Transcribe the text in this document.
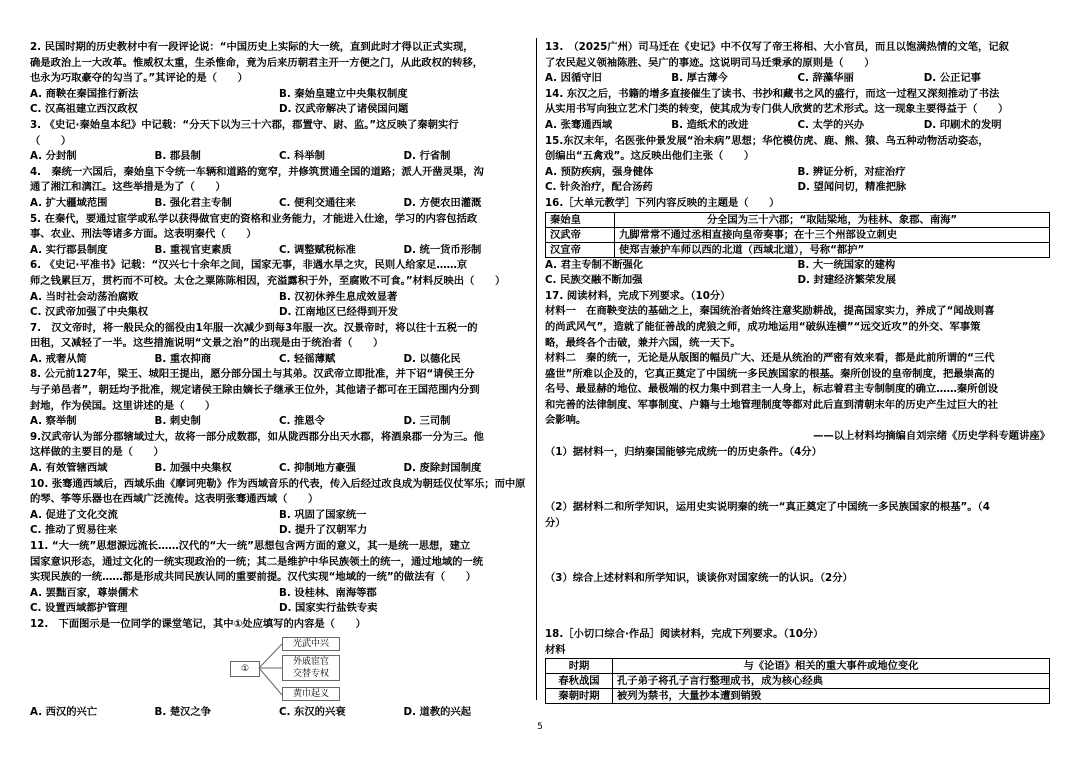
2. 民国时期的历史教材中有一段评论说：“中国历史上实际的大一统，直到此时才得以正式实现，
确是政治上一大改革。惟威权太重，生杀惟命，竟为后来历朝君主开一方便之门，从此政权的转移，
也永为巧取豪夺的勾当了。”其评论的是（　　）
A. 商鞅在秦国推行新法	B. 秦始皇建立中央集权制度
C. 汉高祖建立西汉政权	D. 汉武帝解决了诸侯国问题
3. 《史记·秦始皇本纪》中记载：“分天下以为三十六郡，郡置守、尉、监。”这反映了秦朝实行
（　　）
A. 分封制	B. 郡县制	C. 科举制	D. 行省制
4.　秦统一六国后，秦始皇下令统一车辆和道路的宽窄，并修筑贯通全国的道路；派人开凿灵渠，沟
通了湘江和漓江。这些举措是为了（　　）
A. 扩大疆域范围	B. 强化君主专制	C. 便利交通往来	D. 方便农田灌溉
5. 在秦代，要通过宦学或私学以获得做官吏的资格和业务能力，才能进入仕途，学习的内容包括政
事、农业、刑法等诸多方面。这表明秦代（　　）
A. 实行郡县制度	B. 重视官吏素质	C. 调整赋税标准	D. 统一货币形制
6. 《史记·平准书》记载：“汉兴七十余年之间，国家无事，非遇水旱之灾，民则人给家足……京
师之钱累巨万，贯朽而不可校。太仓之粟陈陈相因，充溢露积于外，至腐败不可食。”材料反映出（　　）
A. 当时社会动荡治腐败	B. 汉初休养生息成效显著
C. 汉武帝加强了中央集权	D. 江南地区已经得到开发
7.　汉文帝时，将一般民众的徭役由1年服一次减少到每3年服一次。汉景帝时，将以往十五税一的
田租，又减轻了一半。这些措施说明“文景之治”的出现是由于统治者（　　）
A. 戒奢从简	B. 重农抑商	C. 轻徭薄赋	D. 以德化民
8. 公元前127年，梁王、城阳王提出，愿分部分国土与其弟。汉武帝立即批准，并下诏“请侯王分
与子弟邑者”，朝廷均予批准，规定诸侯王除由嫡长子继承王位外，其他诸子都可在王国范围内分到
封地，作为侯国。这里讲述的是（　　）
A. 察举制	B. 刺史制	C. 推恩令	D. 三司制
9.汉武帝认为部分郡辖域过大，故将一部分成数郡，如从陇西郡分出天水郡，将酒泉郡一分为三。他
这样做的主要目的是（　　）
A. 有效管辖西域	B. 加强中央集权	C. 抑制地方豪强	D. 废除封国制度
10. 张骞通西域后，西域乐曲《摩诃兜勒》作为西域音乐的代表，传入后经过改良成为朝廷仪仗军乐；而中原
的琴、筝等乐器也在西域广泛流传。这表明张骞通西域（　　）
A. 促进了文化交流	B. 巩固了国家统一
C. 推动了贸易往来	D. 提升了汉朝军力
11. “大一统”思想源远流长……汉代的“大一统”思想包含两方面的意义，其一是统一思想，建立
国家意识形态，通过文化的一统实现政治的一统；其二是维护中华民族领土的统一，通过地域的一统
实现民族的一统……都是形成共同民族认同的重要前提。汉代实现“地域的一统”的做法有（　　）
A. 罢黜百家，尊崇儒术	B. 设桂林、南海等郡
C. 设置西域都护管理	D. 国家实行盐铁专卖
12.　下面图示是一位同学的课堂笔记，其中①处应填写的内容是（　　）
①
光武中兴
外戚宦官
交替专权
黄巾起义
A. 西汉的兴亡	B. 楚汉之争	C. 东汉的兴衰	D. 道教的兴起
13.　（2025广州）司马迁在《史记》中不仅写了帝王将相、大小官员，而且以饱满热情的文笔，记叙
了农民起义领袖陈胜、吴广的事迹。这说明司马迁秉承的原则是（　　）
A. 因循守旧	B. 厚古薄今	C. 辞藻华丽	D. 公正记事
14. 东汉之后，书籍的增多直接催生了读书、书抄和藏书之风的盛行，而这一过程又深刻推动了书法
从实用书写向独立艺术门类的转变，使其成为专门供人欣赏的艺术形式。这一现象主要得益于（　　）
A. 张骞通西域	B. 造纸术的改进	C. 太学的兴办	D. 印刷术的发明
15.东汉末年，名医张仲景发展“治未病”思想；华佗模仿虎、鹿、熊、猿、鸟五种动物活动姿态，
创编出“五禽戏”。这反映出他们主张（　　）
A. 预防疾病，强身健体	B. 辨证分析，对症治疗
C. 针灸治疗，配合汤药	D. 望闻问切，精准把脉
16.［大单元教学］下列内容反映的主题是（　　）
秦始皇	分全国为三十六郡；“取陆梁地，为桂林、象郡、南海”
汉武帝	九脚常常不通过丞相直接向皇帝奏事；在十三个州部设立刺史
汉宣帝	使郑吉兼护车师以西的北道（西域北道），号称“都护”
A. 君主专制不断强化	B. 大一统国家的建构
C. 民族交融不断加强	D. 封建经济繁荣发展
17. 阅读材料，完成下列要求。（10分）
材料一　在商鞅变法的基础之上，秦国统治者始终注意奖励耕战，提高国家实力，养成了“闻战则喜
的尚武风气”，造就了能征善战的虎狼之师，成功地运用“破纵连横”“远交近攻”的外交、军事策
略，最终各个击破，兼并六国，统一天下。
材料二　秦的统一，无论是从版图的幅员广大、还是从统治的严密有效来看，都是此前所谓的“三代
盛世”所难以企及的，它真正奠定了中国统一多民族国家的根基。秦所创设的皇帝制度，把最崇高的
名号、最显赫的地位、最极端的权力集中到君主一人身上，标志着君主专制制度的确立……秦所创设
和完善的法律制度、军事制度、户籍与土地管理制度等都对此后直到清朝末年的历史产生过巨大的社
会影响。
——以上材料均摘编自刘宗绪《历史学科专题讲座》
（1）据材料一，归纳秦国能够完成统一的历史条件。（4分）
（2）据材料二和所学知识，运用史实说明秦的统一“真正奠定了中国统一多民族国家的根基”。（4
分）
（3）综合上述材料和所学知识，谈谈你对国家统一的认识。（2分）
18.［小切口综合·作品］阅读材料，完成下列要求。（10分）
材料
时期	与《论语》相关的重大事件或地位变化
春秋战国	孔子弟子将孔子言行整理成书，成为核心经典
秦朝时期	被列为禁书，大量抄本遭到销毁
5
